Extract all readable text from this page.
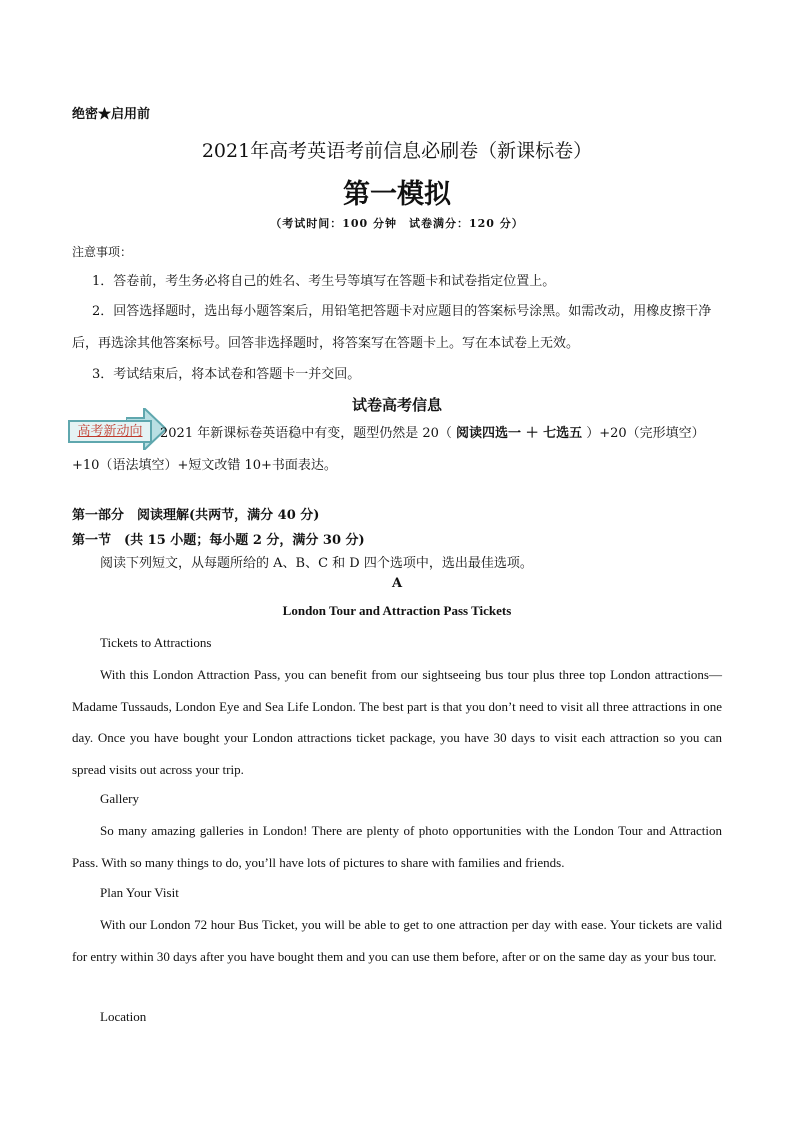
绝密★启用前
2021年高考英语考前信息必刷卷（新课标卷）
第一模拟
（考试时间：100 分钟　试卷满分：120 分）
注意事项：
1．答卷前，考生务必将自己的姓名、考生号等填写在答题卡和试卷指定位置上。
2．回答选择题时，选出每小题答案后，用铅笔把答题卡对应题目的答案标号涂黑。如需改动，用橡皮擦干净后，再选涂其他答案标号。回答非选择题时，将答案写在答题卡上。写在本试卷上无效。
3．考试结束后，将本试卷和答题卡一并交回。
试卷高考信息
高考新动向	2021 年新课标卷英语稳中有变，题型仍然是 20（ 阅读四选一 ＋ 七选五 ）+20（完形填空）
+10（语法填空）+短文改错 10+书面表达。
第一部分　阅读理解(共两节，满分 40 分)
第一节　(共 15 小题；每小题 2 分，满分 30 分)
阅读下列短文，从每题所给的 A、B、C 和 D 四个选项中，选出最佳选项。
A
London Tour and Attraction Pass Tickets
Tickets to Attractions
With this London Attraction Pass, you can benefit from our sightseeing bus tour plus three top London attractions—Madame Tussauds, London Eye and Sea Life London. The best part is that you don’t need to visit all three attractions in one day. Once you have bought your London attractions ticket package, you have 30 days to visit each attraction so you can spread visits out across your trip.
Gallery
So many amazing galleries in London! There are plenty of photo opportunities with the London Tour and Attraction Pass. With so many things to do, you’ll have lots of pictures to share with families and friends.
Plan Your Visit
With our London 72 hour Bus Ticket, you will be able to get to one attraction per day with ease. Your tickets are valid for entry within 30 days after you have bought them and you can use them before, after or on the same day as your bus tour.
Location
